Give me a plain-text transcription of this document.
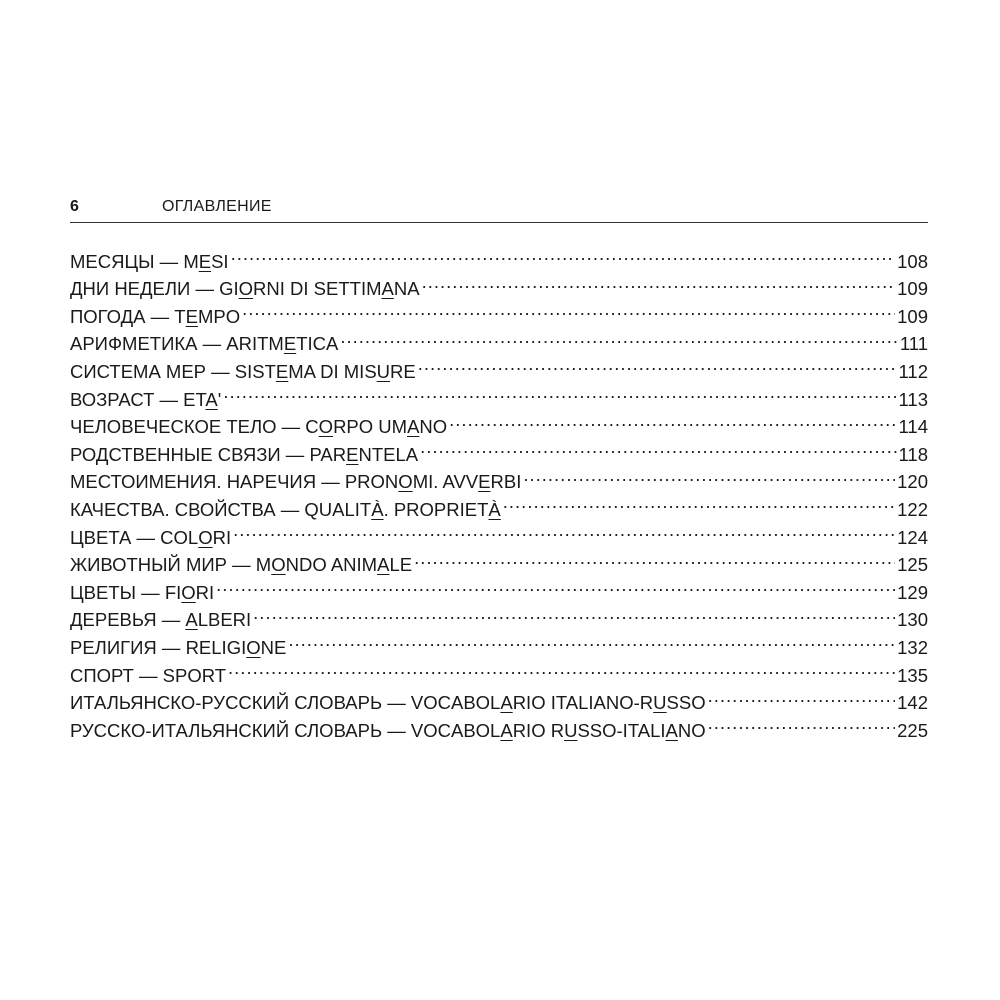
6	ОГЛАВЛЕНИЕ
МЕСЯЦЫ — MESI .....	108
ДНИ НЕДЕЛИ — GIORNI DI SETTIMANA .....	109
ПОГОДА — TEMPO .....	109
АРИФМЕТИКА — ARITMETICA .....	111
СИСТЕМА МЕР — SISTEMA DI MISURE .....	112
ВОЗРАСТ — ETA' .....	113
ЧЕЛОВЕЧЕСКОЕ ТЕЛО — CORPO UMANO .....	114
РОДСТВЕННЫЕ СВЯЗИ — PARENTELA .....	118
МЕСТОИМЕНИЯ. НАРЕЧИЯ — PRONOMI. AVVERBI .....	120
КАЧЕСТВА. СВОЙСТВА — QUALITÀ. PROPRIETÀ .....	122
ЦВЕТА — COLORI .....	124
ЖИВОТНЫЙ МИР — MONDO ANIMALE .....	125
ЦВЕТЫ — FIORI .....	129
ДЕРЕВЬЯ — ALBERI .....	130
РЕЛИГИЯ — RELIGIONE .....	132
СПОРТ — SPORT .....	135
ИТАЛЬЯНСКО-РУССКИЙ СЛОВАРЬ — VOCABOLARIO ITALIANO-RUSSO .....	142
РУССКО-ИТАЛЬЯНСКИЙ СЛОВАРЬ — VOCABOLARIO RUSSO-ITALIANO .....	225
